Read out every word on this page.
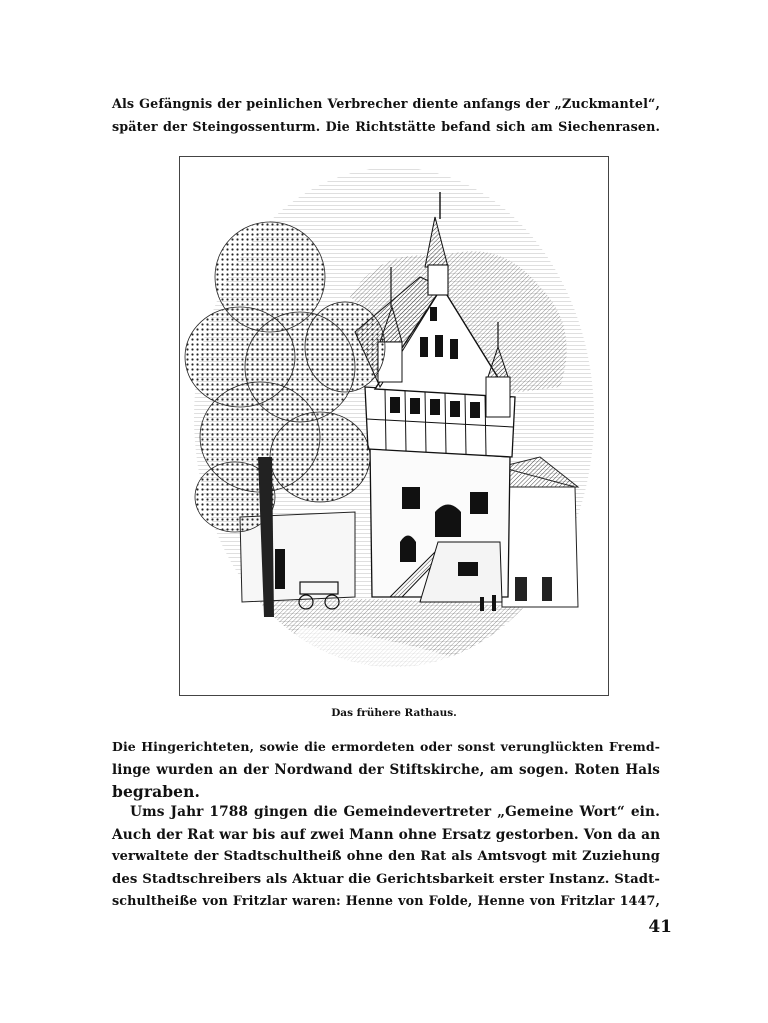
Als Gefängnis der peinlichen Verbrecher diente anfangs der „Zuckmantel“,
später der Steingossenturm. Die Richtstätte befand sich am Siechenrasen.

Das frühere Rathaus.

Die Hingerichteten, sowie die ermordeten oder sonst verunglückten Fremd-
linge wurden an der Nordwand der Stiftskirche, am sogen. Roten Hals
begraben.

Ums Jahr 1788 gingen die Gemeindevertreter „Gemeine Wort“ ein.
Auch der Rat war bis auf zwei Mann ohne Ersatz gestorben. Von da an
verwaltete der Stadtschultheiß ohne den Rat als Amtsvogt mit Zuziehung
des Stadtschreibers als Aktuar die Gerichtsbarkeit erster Instanz. Stadt-
schultheiße von Fritzlar waren: Henne von Folde, Henne von Fritzlar 1447,

41
